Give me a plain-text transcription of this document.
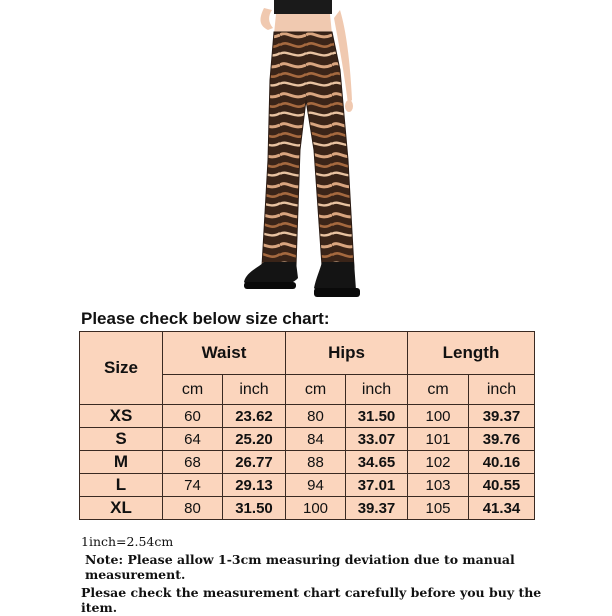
Please check below size chart:
Size	Waist		Hips		Length	
	cm	inch	cm	inch	cm	inch
XS	60	23.62	80	31.50	100	39.37
S	64	25.20	84	33.07	101	39.76
M	68	26.77	88	34.65	102	40.16
L	74	29.13	94	37.01	103	40.55
XL	80	31.50	100	39.37	105	41.34

1inch=2.54cm

Note: Please allow 1-3cm measuring deviation due to manual measurement.

Plesae check the measurement chart carefully before you buy the item.
